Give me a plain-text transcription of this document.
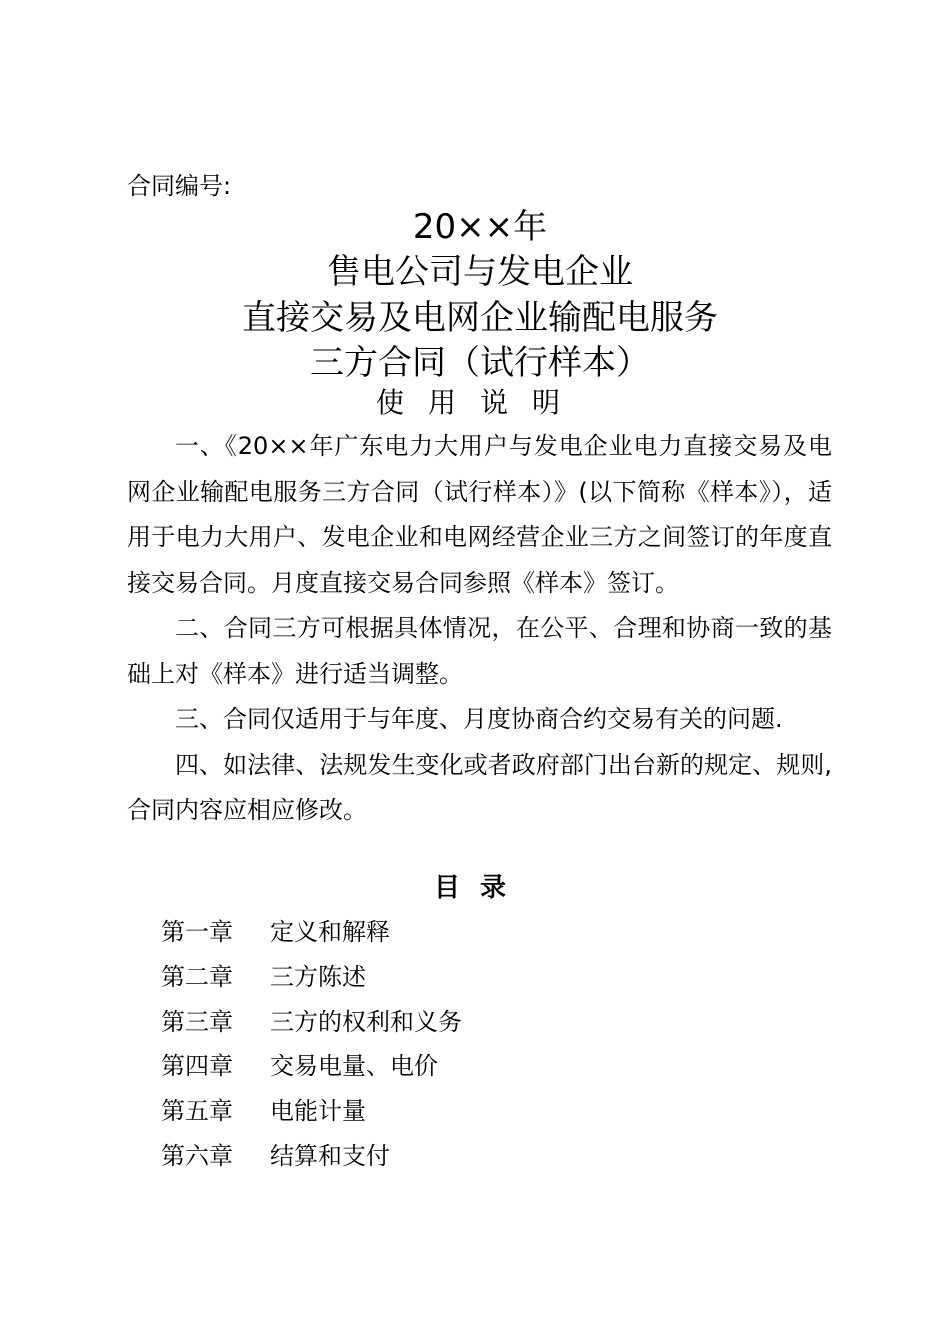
合同编号:
20××年
售电公司与发电企业
直接交易及电网企业输配电服务
三方合同（试行样本）
使用说明

一、《20××年广东电力大用户与发电企业电力直接交易及电网企业输配电服务三方合同（试行样本）》(以下简称《样本》），适用于电力大用户、发电企业和电网经营企业三方之间签订的年度直接交易合同。月度直接交易合同参照《样本》签订。

二、合同三方可根据具体情况，在公平、合理和协商一致的基础上对《样本》进行适当调整。

三、合同仅适用于与年度、月度协商合约交易有关的问题.

四、如法律、法规发生变化或者政府部门出台新的规定、规则,合同内容应相应修改。

目录
第一章	定义和解释
第二章	三方陈述
第三章	三方的权利和义务
第四章	交易电量、电价
第五章	电能计量
第六章	结算和支付
